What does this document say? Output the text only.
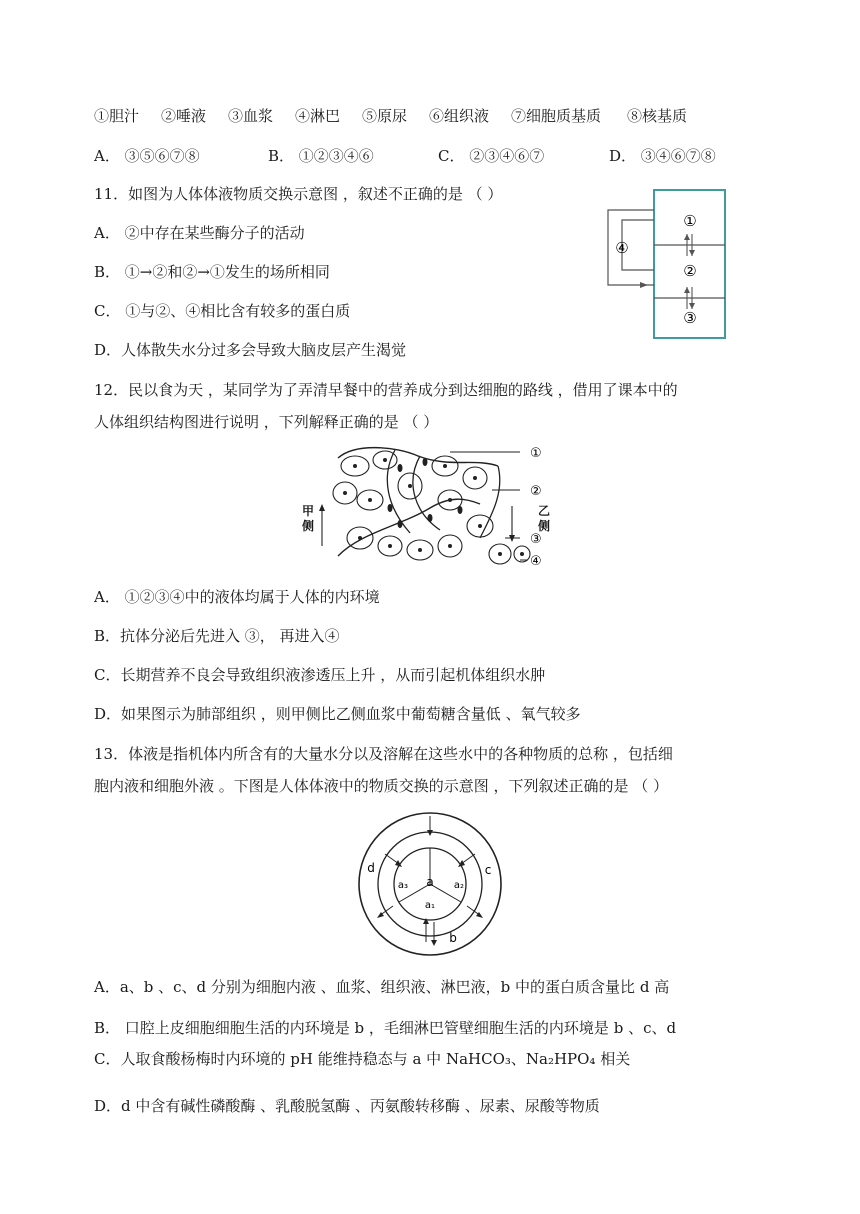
①胆汁 ②唾液 ③血浆 ④淋巴 ⑤原尿 ⑥组织液 ⑦细胞质基质 ⑧核基质
A． ③⑤⑥⑦⑧	B． ①②③④⑥	C． ②③④⑥⑦	D． ③④⑥⑦⑧
11．如图为人体体液物质交换示意图 ，叙述不正确的是 （ ）
A． ②中存在某些酶分子的活动
B． ①→②和②→①发生的场所相同
C． ①与②、④相比含有较多的蛋白质
D．人体散失水分过多会导致大脑皮层产生渴觉
①
②
③
④
12．民以食为天 ，某同学为了弄清早餐中的营养成分到达细胞的路线 ，借用了课本中的
人体组织结构图进行说明 ，下列解释正确的是 （ ）
①
②
③
④
甲侧
乙侧
A． ①②③④中的液体均属于人体的内环境
B．抗体分泌后先进入 ③， 再进入④
C．长期营养不良会导致组织液渗透压上升 ，从而引起机体组织水肿
D．如果图示为肺部组织 ，则甲侧比乙侧血浆中葡萄糖含量低 、氧气较多
13．体液是指机体内所含有的大量水分以及溶解在这些水中的各种物质的总称 ，包括细
胞内液和细胞外液 。下图是人体体液中的物质交换的示意图 ，下列叙述正确的是 （ ）
a
b
c
d
a₁
a₂
a₃
A．a、b 、c、d 分别为细胞内液 、血浆、组织液、淋巴液，b 中的蛋白质含量比 d 高
B． 口腔上皮细胞细胞生活的内环境是 b ，毛细淋巴管壁细胞生活的内环境是 b 、c、d
C．人取食酸杨梅时内环境的 pH 能维持稳态与 a 中 NaHCO₃、Na₂HPO₄ 相关
D．d 中含有碱性磷酸酶 、乳酸脱氢酶 、丙氨酸转移酶 、尿素、尿酸等物质
